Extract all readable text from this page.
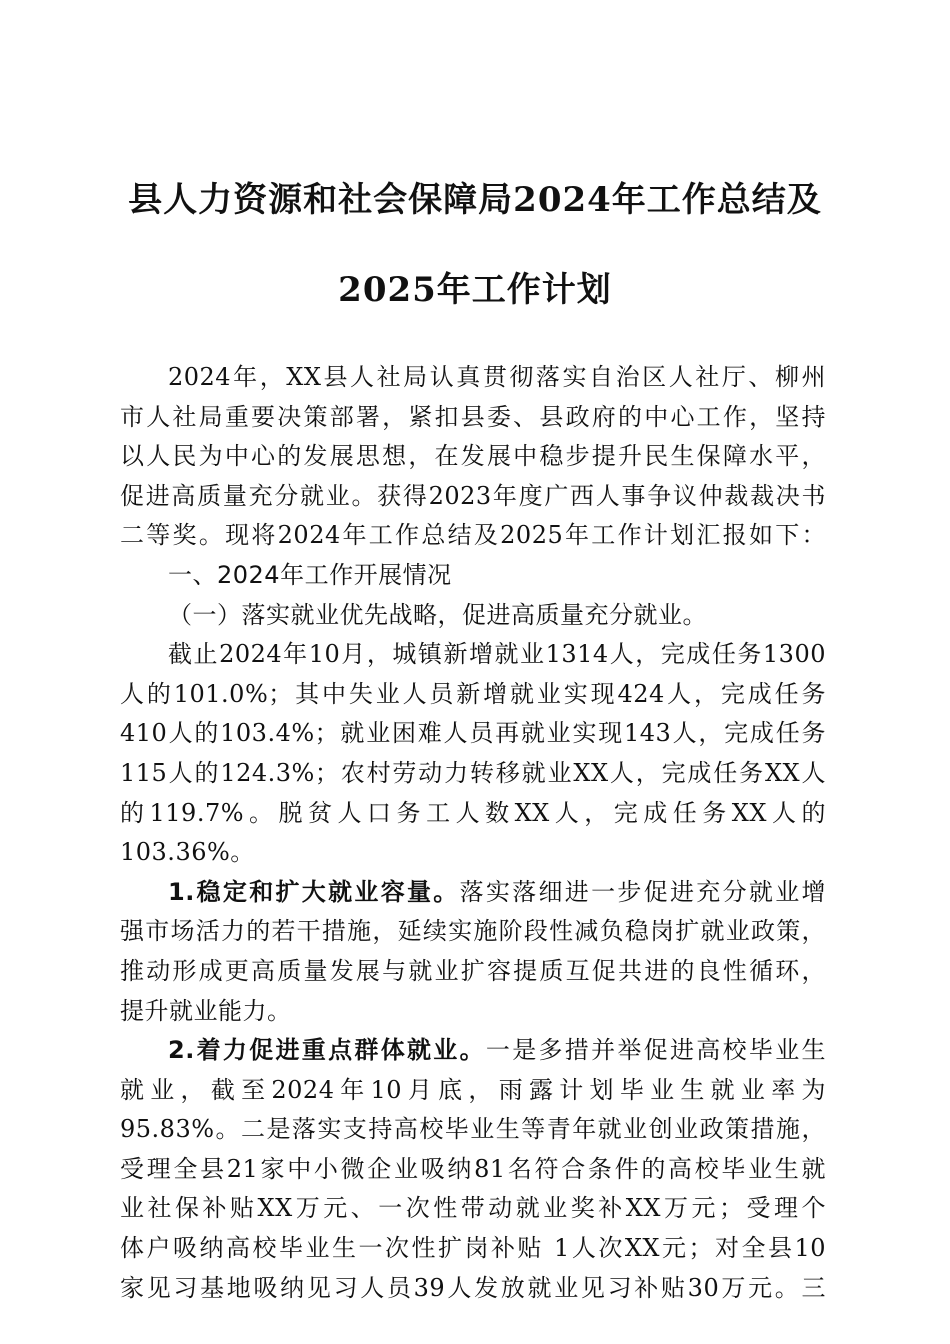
县人力资源和社会保障局2024年工作总结及
2025年工作计划
2024年，XX县人社局认真贯彻落实自治区人社厅、柳州
市人社局重要决策部署，紧扣县委、县政府的中心工作，坚持
以人民为中心的发展思想，在发展中稳步提升民生保障水平，
促进高质量充分就业。获得2023年度广西人事争议仲裁裁决书
二等奖。现将2024年工作总结及2025年工作计划汇报如下：
一、2024年工作开展情况
（一）落实就业优先战略，促进高质量充分就业。
截止2024年10月，城镇新增就业1314人，完成任务1300
人的101.0%；其中失业人员新增就业实现424人，完成任务
410人的103.4%；就业困难人员再就业实现143人，完成任务
115人的124.3%；农村劳动力转移就业XX人，完成任务XX人
的119.7%。脱贫人口务工人数XX人，完成任务XX人的
103.36%。
1.稳定和扩大就业容量。落实落细进一步促进充分就业增
强市场活力的若干措施，延续实施阶段性减负稳岗扩就业政策，
推动形成更高质量发展与就业扩容提质互促共进的良性循环，
提升就业能力。
2.着力促进重点群体就业。一是多措并举促进高校毕业生
就业，截至2024年10月底，雨露计划毕业生就业率为
95.83%。二是落实支持高校毕业生等青年就业创业政策措施，
受理全县21家中小微企业吸纳81名符合条件的高校毕业生就
业社保补贴XX万元、一次性带动就业奖补XX万元；受理个
体户吸纳高校毕业生一次性扩岗补贴 1人次XX元；对全县10
家见习基地吸纳见习人员39人发放就业见习补贴30万元。三
